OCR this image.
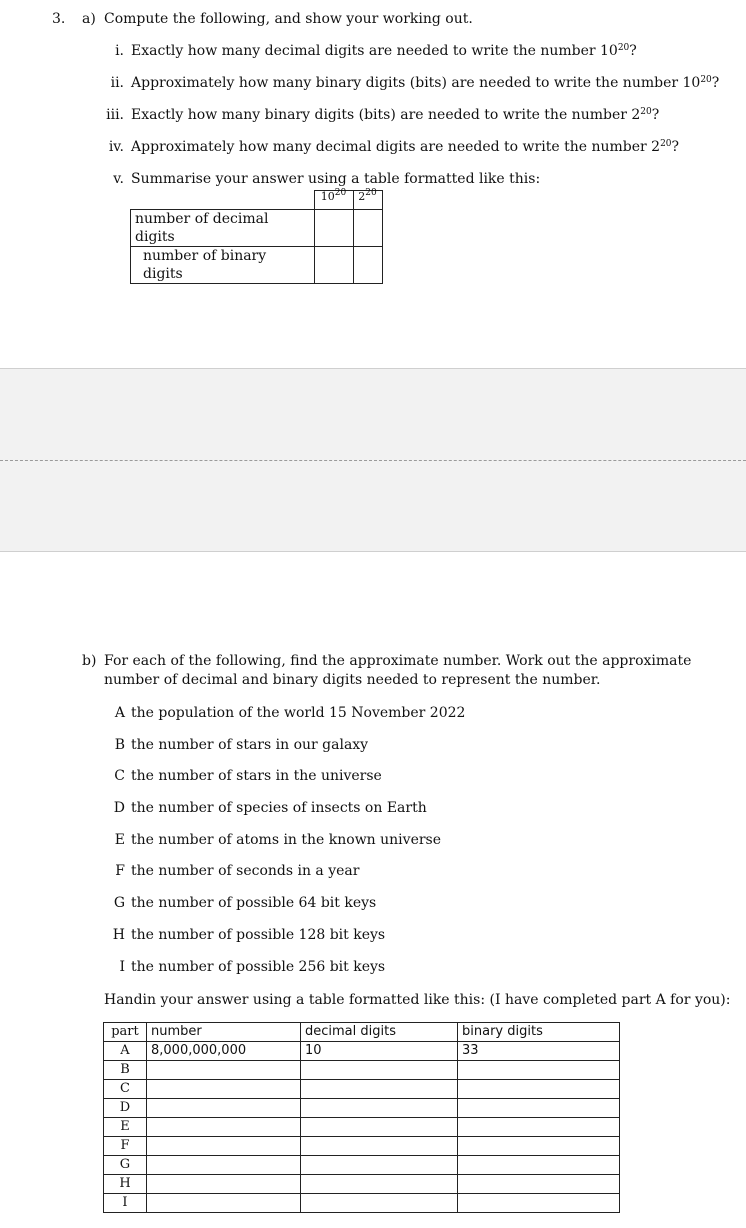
3. a) Compute the following, and show your working out.
i. Exactly how many decimal digits are needed to write the number $10^{20}$?
ii. Approximately how many binary digits (bits) are needed to write the number $10^{20}$?
iii. Exactly how many binary digits (bits) are needed to write the number $2^{20}$?
iv. Approximately how many decimal digits are needed to write the number $2^{20}$?
v. Summarise your answer using a table formatted like this:
	$10^{20}$	$2^{20}$
number of decimal digits		
number of binary digits		
b) For each of the following, find the approximate number. Work out the approximate
number of decimal and binary digits needed to represent the number.
A the population of the world 15 November 2022
B the number of stars in our galaxy
C the number of stars in the universe
D the number of species of insects on Earth
E the number of atoms in the known universe
F the number of seconds in a year
G the number of possible 64 bit keys
H the number of possible 128 bit keys
I the number of possible 256 bit keys
Handin your answer using a table formatted like this: (I have completed part A for you):
part	number	decimal digits	binary digits
A	8,000,000,000	10	33
B			
C			
D			
E			
F			
G			
H			
I			
